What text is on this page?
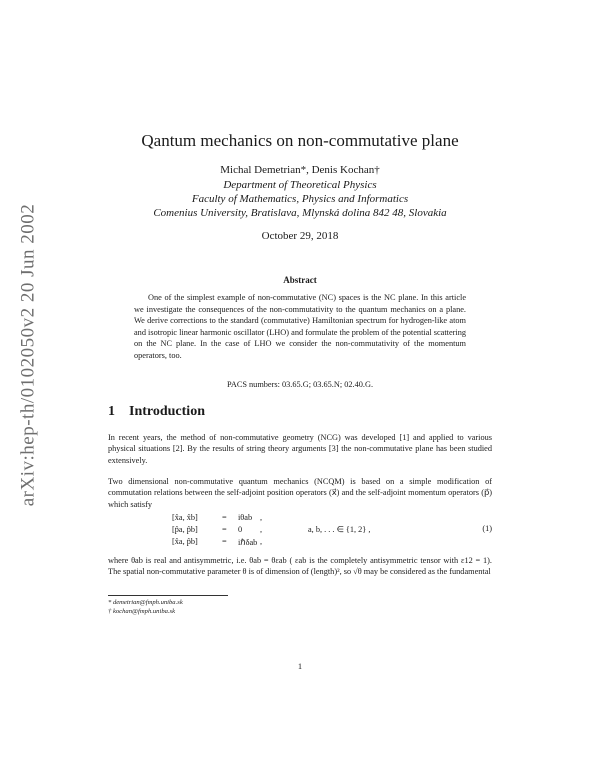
arXiv:hep-th/0102050v2 20 Jun 2002
Qantum mechanics on non-commutative plane
Michal Demetrian*, Denis Kochan†
Department of Theoretical Physics
Faculty of Mathematics, Physics and Informatics
Comenius University, Bratislava, Mlynská dolina 842 48, Slovakia
October 29, 2018
Abstract
One of the simplest example of non-commutative (NC) spaces is the NC plane. In this article we investigate the consequences of the non-commutativity to the quantum mechanics on a plane. We derive corrections to the standard (commutative) Hamiltonian spectrum for hydrogen-like atom and isotropic linear harmonic oscillator (LHO) and formulate the problem of the potential scattering on the NC plane. In the case of LHO we consider the non-commutativity of the momentum operators, too.
PACS numbers: 03.65.G; 03.65.N; 02.40.G.
1 Introduction
In recent years, the method of non-commutative geometry (NCG) was developed [1] and applied to various physical situations [2]. By the results of string theory arguments [3] the non-commutative plane has been studied extensively.
Two dimensional non-commutative quantum mechanics (NCQM) is based on a simple modification of commutation relations between the self-adjoint position operators (x⃗) and the self-adjoint momentum operators (p⃗) which satisfy
[x̂a, x̂b]	= iθab ,
[p̂a, p̂b]	= 0 ,
[x̂a, p̂b]	= iℏδab ,
a, b, . . . ∈ {1, 2} ,	(1)
where θab is real and antisymmetric, i.e. θab = θεab ( εab is the completely antisymmetric tensor with ε12 = 1). The spatial non-commutative parameter θ is of dimension of (length)², so √θ may be considered as the fundamental
* demetrian@fmph.uniba.sk
† kochan@fmph.uniba.sk
1
